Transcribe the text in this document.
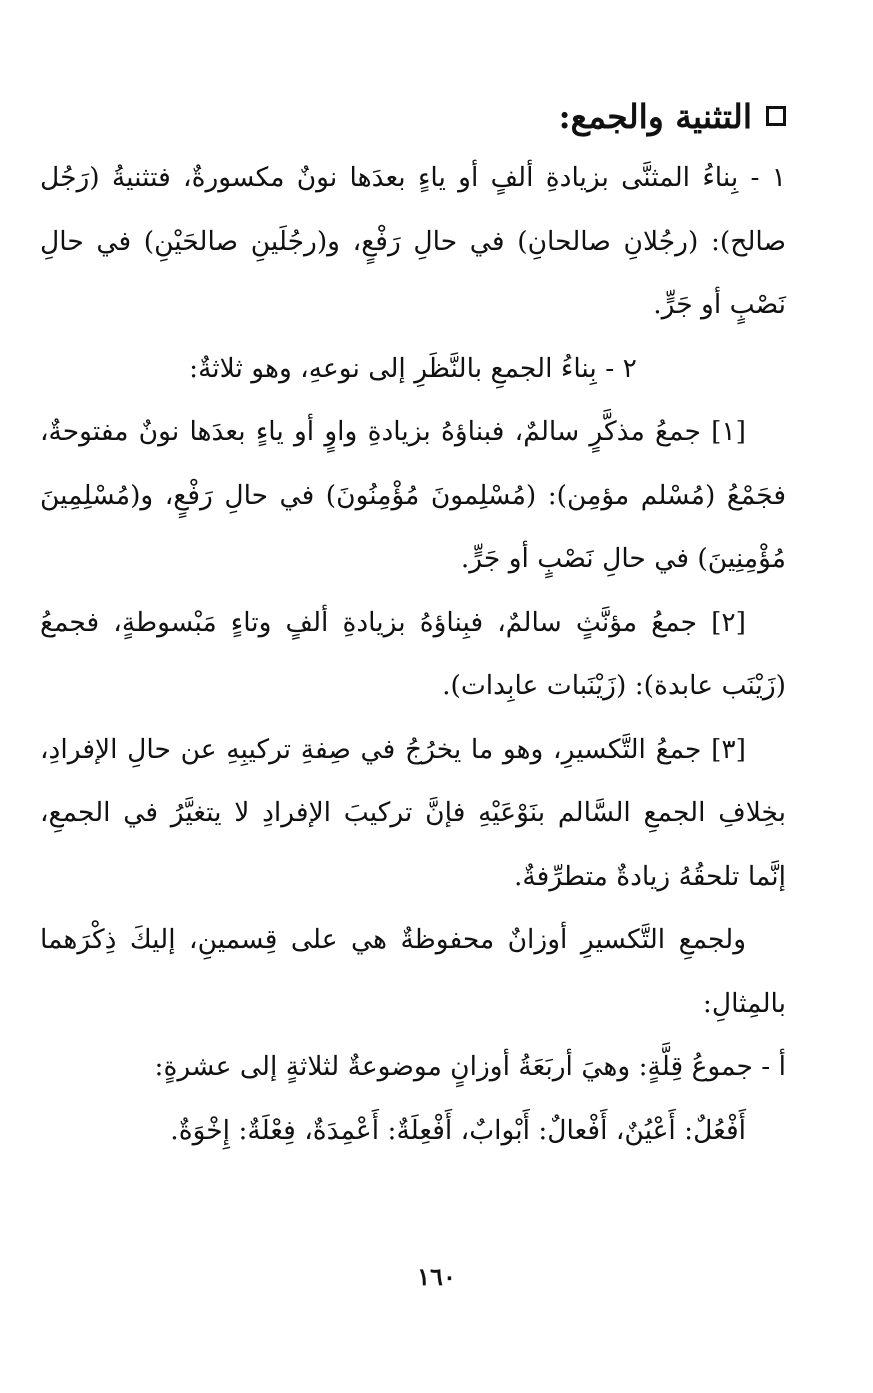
التثنية والجمع:

١ - بِناءُ المثنَّى بزيادةِ ألفٍ أو ياءٍ بعدَها نونٌ مكسورةٌ، فتثنيةُ (رَجُل صالح): (رجُلانِ صالحانِ) في حالِ رَفْعٍ، و(رجُلَينِ صالحَيْنِ) في حالِ نَصْبٍ أو جَرٍّ.

٢ - بِناءُ الجمعِ بالنَّظَرِ إلى نوعهِ، وهو ثلاثةٌ:

[١] جمعُ مذكَّرٍ سالمٌ، فبناؤهُ بزيادةِ واوٍ أو ياءٍ بعدَها نونٌ مفتوحةٌ، فجَمْعُ (مُسْلم مؤمِن): (مُسْلِمونَ مُؤْمِنُونَ) في حالِ رَفْعٍ، و(مُسْلِمِينَ مُؤْمِنِينَ) في حالِ نَصْبٍ أو جَرٍّ.

[٢] جمعُ مؤنَّثٍ سالمٌ، فبِناؤهُ بزيادةِ ألفٍ وتاءٍ مَبْسوطةٍ، فجمعُ (زَيْنَب عابدة): (زَيْنَبات عابِدات).

[٣] جمعُ التَّكسيرِ، وهو ما يخرُجُ في صِفةِ تركيبِهِ عن حالِ الإفرادِ، بخِلافِ الجمعِ السَّالم بنَوْعَيْهِ فإنَّ تركيبَ الإفرادِ لا يتغيَّرُ في الجمعِ، إنَّما تلحقُهُ زيادةٌ متطرِّفةٌ.

ولجمعِ التَّكسيرِ أوزانٌ محفوظةٌ هي على قِسمينِ، إليكَ ذِكْرَهما بالمِثالِ:

أ - جموعُ قِلَّةٍ: وهيَ أربَعَةُ أوزانٍ موضوعةٌ لثلاثةٍ إلى عشرةٍ:

أَفْعُلٌ: أَعْيُنٌ، أَفْعالٌ: أَبْوابٌ، أَفْعِلَةٌ: أَعْمِدَةٌ، فِعْلَةٌ: إِخْوَةٌ.

١٦٠
